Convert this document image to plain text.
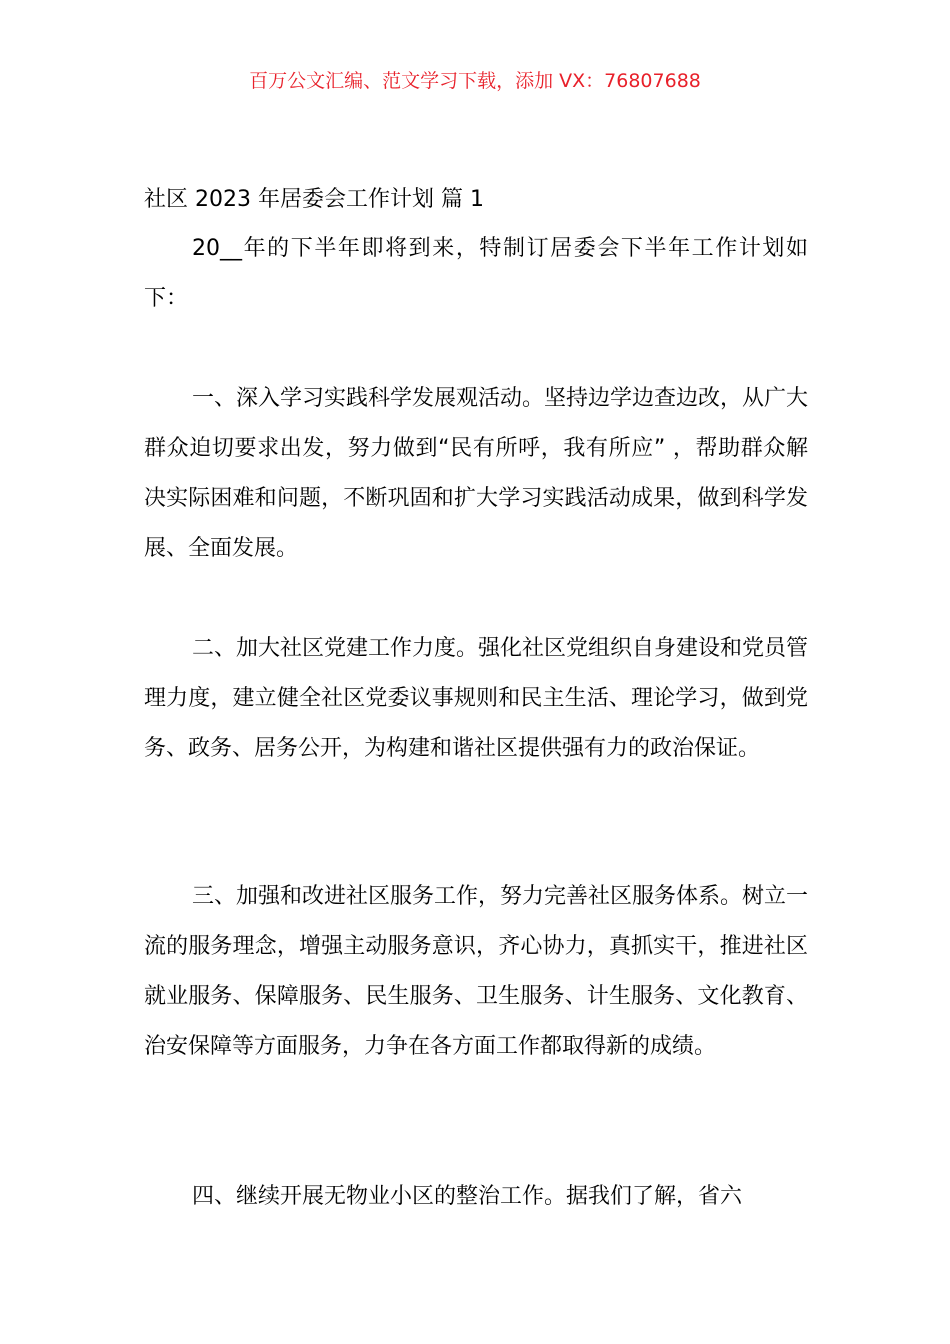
百万公文汇编、范文学习下载，添加 VX：76807688
社区 2023 年居委会工作计划 篇 1

20__年的下半年即将到来，特制订居委会下半年工作计划如下：

一、深入学习实践科学发展观活动。坚持边学边查边改，从广大群众迫切要求出发，努力做到“民有所呼，我有所应” ，帮助群众解决实际困难和问题，不断巩固和扩大学习实践活动成果，做到科学发展、全面发展。

二、加大社区党建工作力度。强化社区党组织自身建设和党员管理力度，建立健全社区党委议事规则和民主生活、理论学习，做到党务、政务、居务公开，为构建和谐社区提供强有力的政治保证。

三、加强和改进社区服务工作，努力完善社区服务体系。树立一流的服务理念，增强主动服务意识，齐心协力，真抓实干，推进社区就业服务、保障服务、民生服务、卫生服务、计生服务、文化教育、治安保障等方面服务，力争在各方面工作都取得新的成绩。

四、继续开展无物业小区的整治工作。据我们了解，省六
